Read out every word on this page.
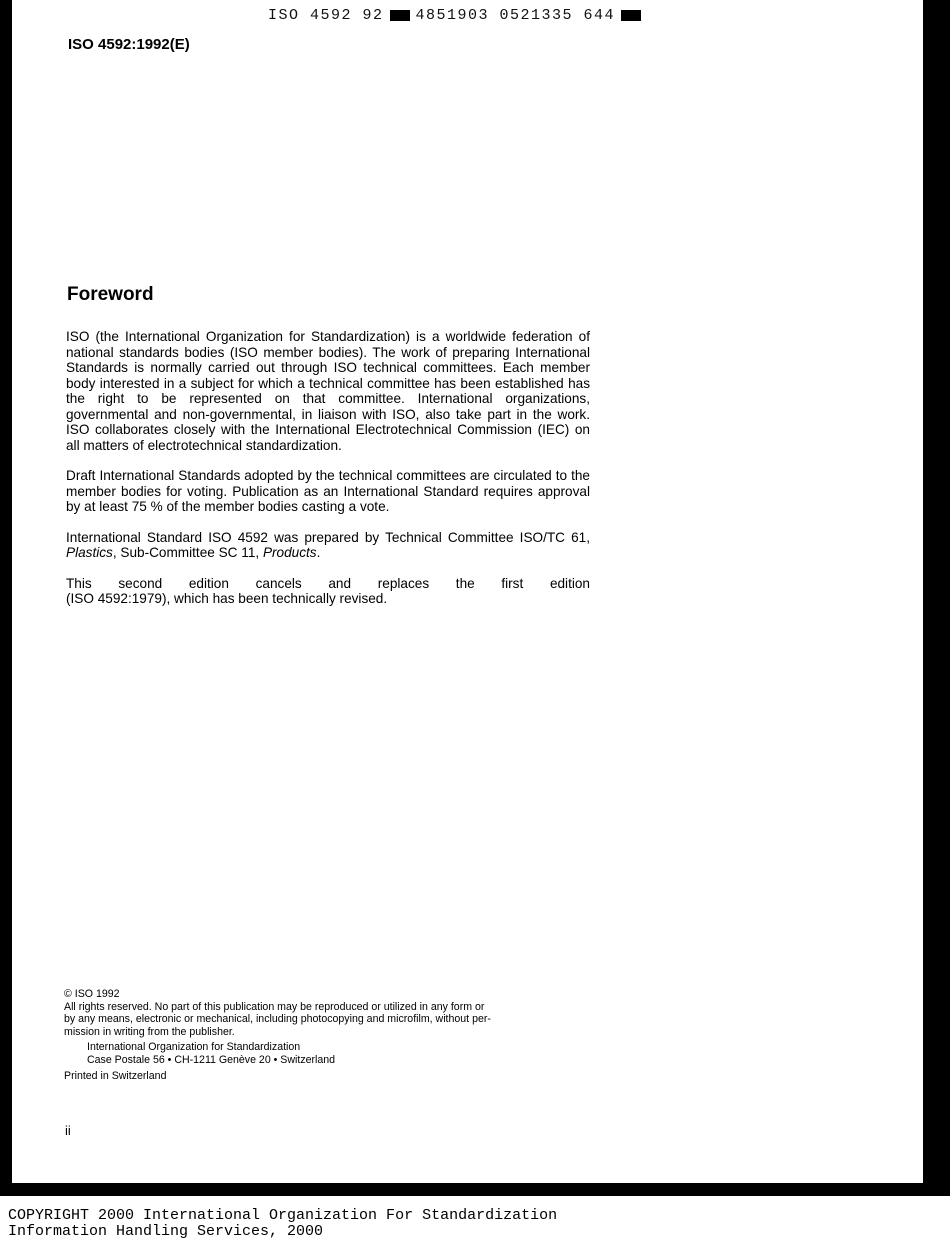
ISO 4592 92 4851903 0521335 644
ISO 4592:1992(E)
Foreword

ISO (the International Organization for Standardization) is a worldwide federation of national standards bodies (ISO member bodies). The work of preparing International Standards is normally carried out through ISO technical committees. Each member body interested in a subject for which a technical committee has been established has the right to be represented on that committee. International organizations, governmental and non-governmental, in liaison with ISO, also take part in the work. ISO collaborates closely with the International Electrotechnical Commission (IEC) on all matters of electrotechnical standardization.

Draft International Standards adopted by the technical committees are circulated to the member bodies for voting. Publication as an International Standard requires approval by at least 75 % of the member bodies casting a vote.

International Standard ISO 4592 was prepared by Technical Committee ISO/TC 61, Plastics, Sub-Committee SC 11, Products.

This second edition cancels and replaces the first edition
(ISO 4592:1979), which has been technically revised.

© ISO 1992
All rights reserved. No part of this publication may be reproduced or utilized in any form or
by any means, electronic or mechanical, including photocopying and microfilm, without per-
mission in writing from the publisher.
International Organization for Standardization
Case Postale 56 • CH-1211 Genève 20 • Switzerland
Printed in Switzerland
ii
COPYRIGHT 2000 International Organization For Standardization
Information Handling Services, 2000
